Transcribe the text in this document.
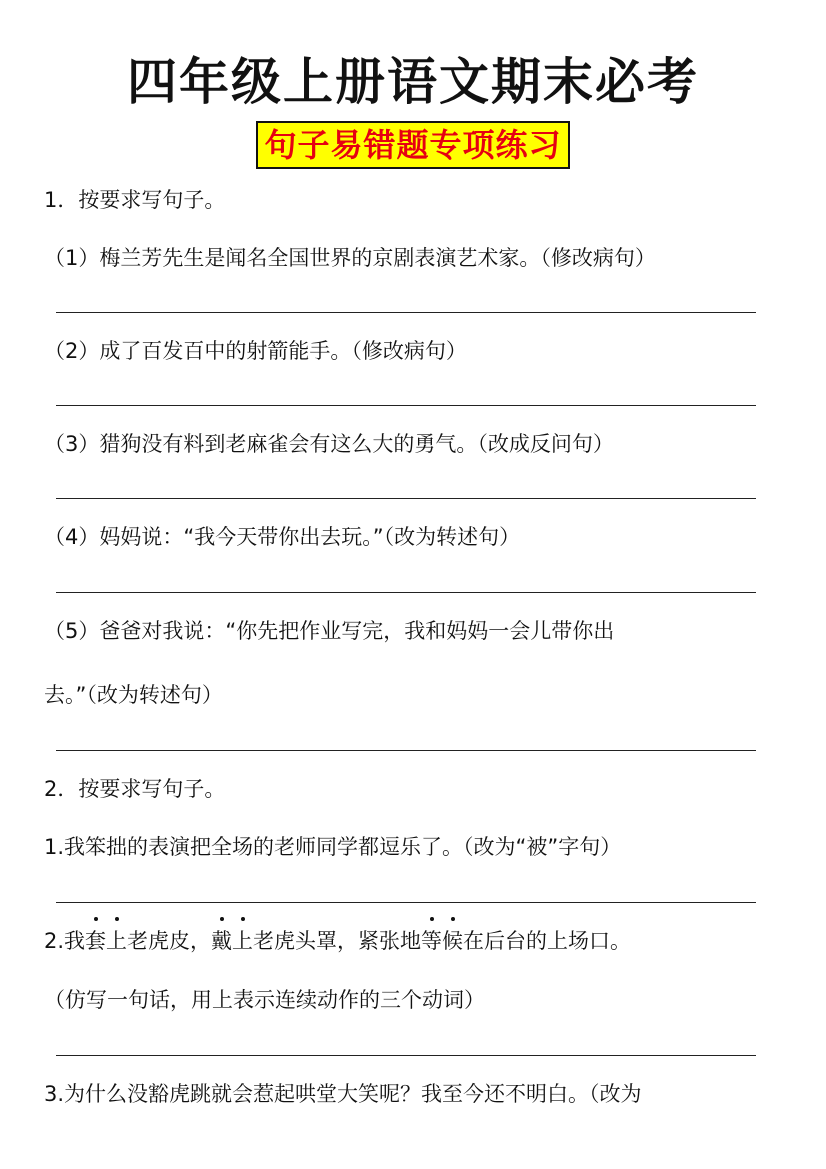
四年级上册语文期末必考
句子易错题专项练习
1．按要求写句子。
（1）梅兰芳先生是闻名全国世界的京剧表演艺术家。（修改病句）
（2）成了百发百中的射箭能手。（修改病句）
（3）猎狗没有料到老麻雀会有这么大的勇气。（改成反问句）
（4）妈妈说：“我今天带你出去玩。”（改为转述句）
（5）爸爸对我说：“你先把作业写完，我和妈妈一会儿带你出
去。”（改为转述句）
2．按要求写句子。
1.我笨拙的表演把全场的老师同学都逗乐了。（改为“被”字句）
2.我套上老虎皮，戴上老虎头罩，紧张地等候在后台的上场口。
（仿写一句话，用上表示连续动作的三个动词）
3.为什么没豁虎跳就会惹起哄堂大笑呢？我至今还不明白。（改为
